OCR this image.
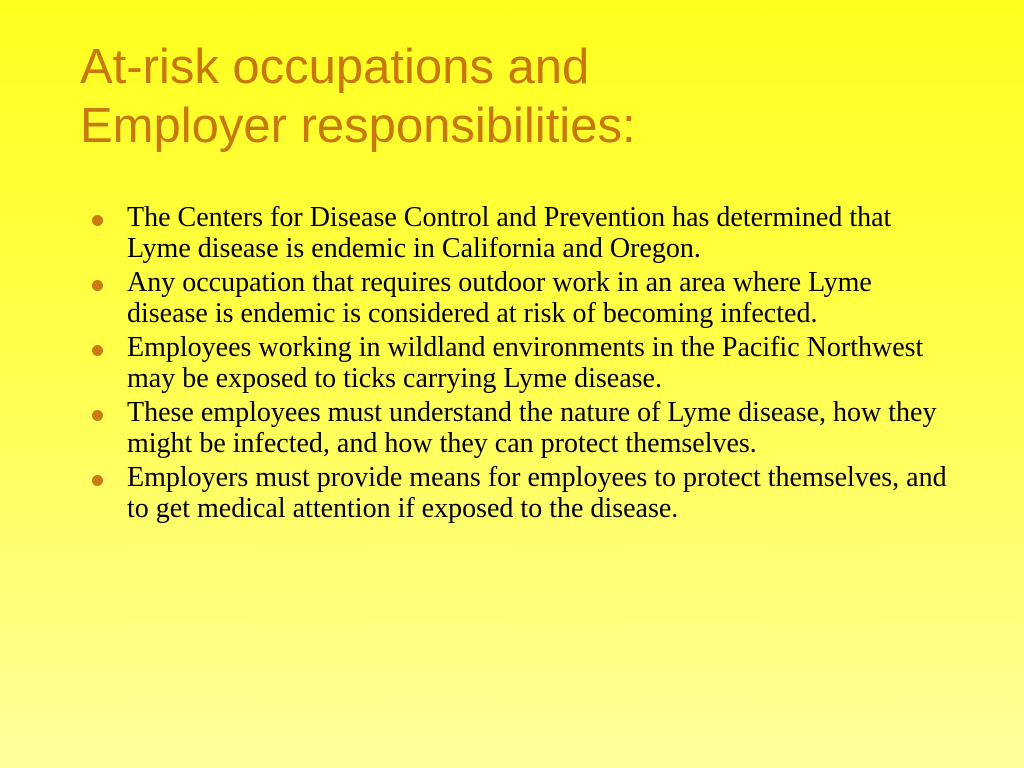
At-risk occupations and
Employer responsibilities:
The Centers for Disease Control and Prevention has determined that Lyme disease is endemic in California and Oregon.
Any occupation that requires outdoor work in an area where Lyme disease is endemic is considered at risk of becoming infected.
Employees working in wildland environments in the Pacific Northwest may be exposed to ticks carrying Lyme disease.
These employees must understand the nature of Lyme disease, how they might be infected, and how they can protect themselves.
Employers must provide means for employees to protect themselves, and to get medical attention if exposed to the disease.
